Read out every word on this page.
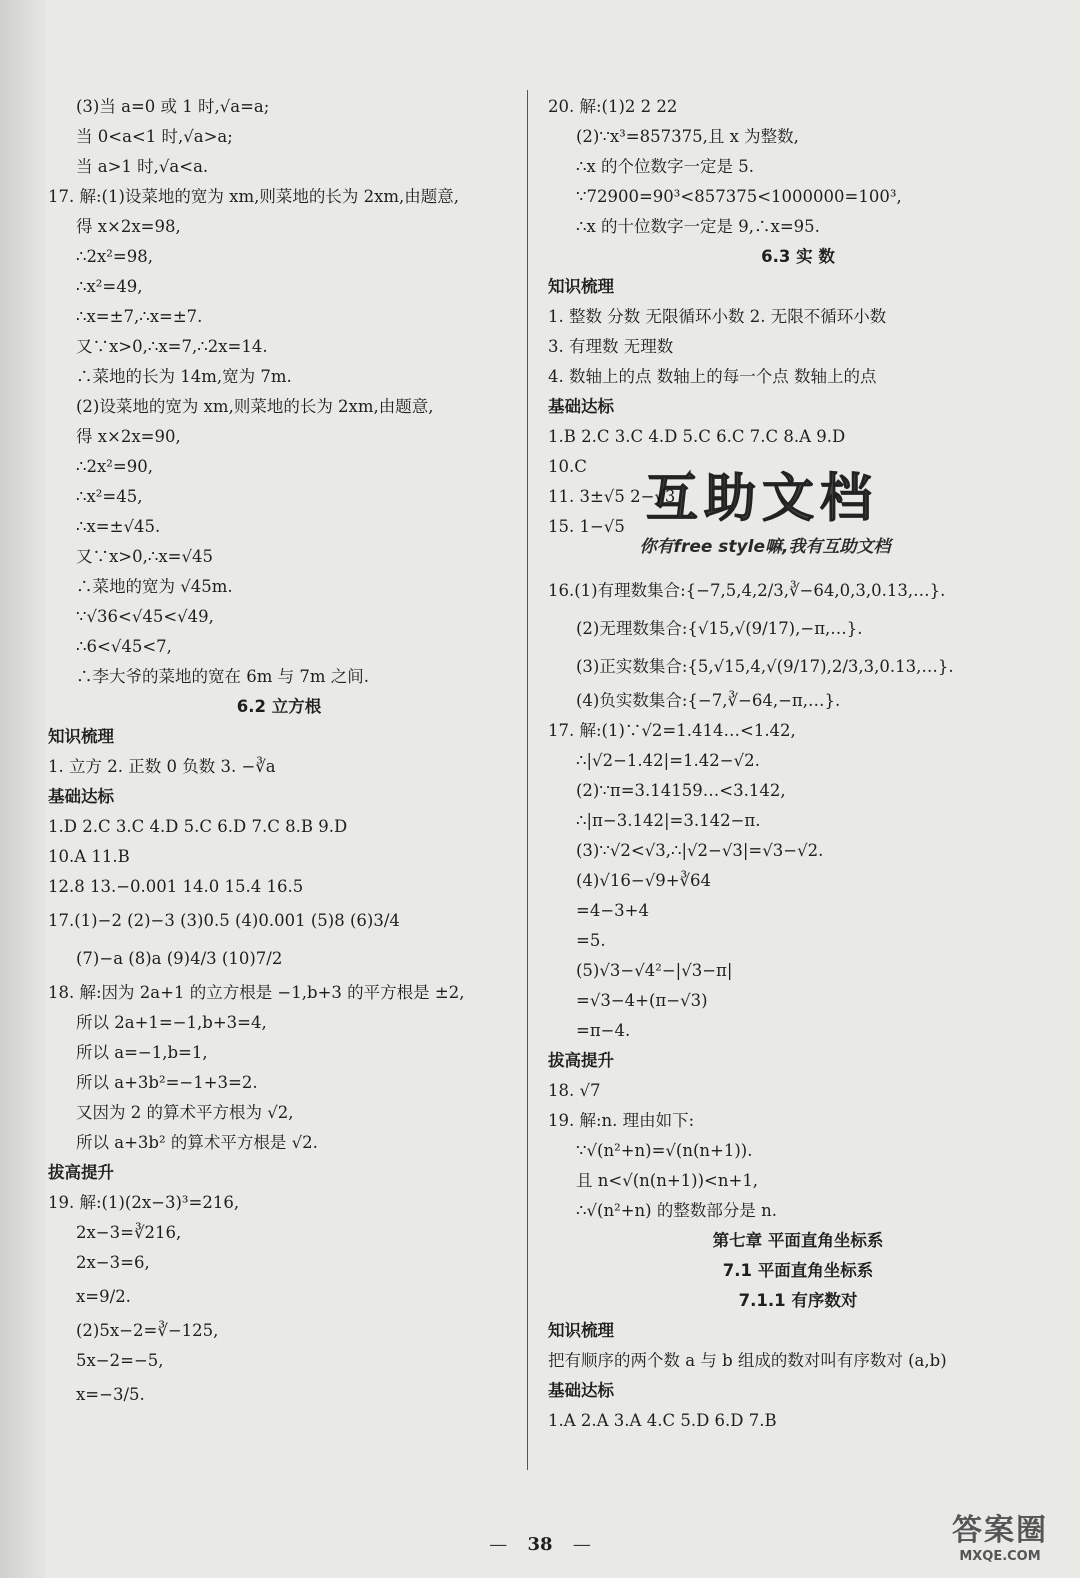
(3)当 a=0 或 1 时,√a=a;
当 0<a<1 时,√a>a;
当 a>1 时,√a<a.
17. 解:(1)设菜地的宽为 xm,则菜地的长为 2xm,由题意,
得 x×2x=98,
∴2x²=98,
∴x²=49,
∴x=±7,∴x=±7.
又∵x>0,∴x=7,∴2x=14.
∴菜地的长为 14m,宽为 7m.
(2)设菜地的宽为 xm,则菜地的长为 2xm,由题意,
得 x×2x=90,
∴2x²=90,
∴x²=45,
∴x=±√45.
又∵x>0,∴x=√45
∴菜地的宽为 √45m.
∵√36<√45<√49,
∴6<√45<7,
∴李大爷的菜地的宽在 6m 与 7m 之间.
6.2 立方根
知识梳理
1. 立方 2. 正数 0 负数 3. −∛a
基础达标
1.D 2.C 3.C 4.D 5.C 6.D 7.C 8.B 9.D
10.A 11.B
12.8 13.−0.001 14.0 15.4 16.5
17.(1)−2 (2)−3 (3)0.5 (4)0.001 (5)8 (6)3/4
(7)−a (8)a (9)4/3 (10)7/2
18. 解:因为 2a+1 的立方根是 −1,b+3 的平方根是 ±2,
所以 2a+1=−1,b+3=4,
所以 a=−1,b=1,
所以 a+3b²=−1+3=2.
又因为 2 的算术平方根为 √2,
所以 a+3b² 的算术平方根是 √2.
拔高提升
19. 解:(1)(2x−3)³=216,
2x−3=∛216,
2x−3=6,
x=9/2.
(2)5x−2=∛−125,
5x−2=−5,
x=−3/5.
20. 解:(1)2 2 22
(2)∵x³=857375,且 x 为整数,
∴x 的个位数字一定是 5.
∵72900=90³<857375<1000000=100³,
∴x 的十位数字一定是 9,∴x=95.
6.3 实 数
知识梳理
1. 整数 分数 无限循环小数 2. 无限不循环小数
3. 有理数 无理数
4. 数轴上的点 数轴上的每一个点 数轴上的点
基础达标
1.B 2.C 3.C 4.D 5.C 6.C 7.C 8.A 9.D
10.C
11. 3±√5 2−√3
15. 1−√5
16.(1)有理数集合:{−7,5,4,2/3,∛−64,0,3,0.13,…}.
(2)无理数集合:{√15,√(9/17),−π,…}.
(3)正实数集合:{5,√15,4,√(9/17),2/3,3,0.13,…}.
(4)负实数集合:{−7,∛−64,−π,…}.
17. 解:(1)∵√2=1.414…<1.42,
∴|√2−1.42|=1.42−√2.
(2)∵π=3.14159…<3.142,
∴|π−3.142|=3.142−π.
(3)∵√2<√3,∴|√2−√3|=√3−√2.
(4)√16−√9+∛64
=4−3+4
=5.
(5)√3−√4²−|√3−π|
=√3−4+(π−√3)
=π−4.
拔高提升
18. √7
19. 解:n. 理由如下:
∵√(n²+n)=√(n(n+1)).
且 n<√(n(n+1))<n+1,
∴√(n²+n) 的整数部分是 n.
第七章 平面直角坐标系
7.1 平面直角坐标系
7.1.1 有序数对
知识梳理
把有顺序的两个数 a 与 b 组成的数对叫有序数对 (a,b)
基础达标
1.A 2.A 3.A 4.C 5.D 6.D 7.B
互助文档
你有free style嘛,我有互助文档
— 38 —	答案圈
MXQE.COM
